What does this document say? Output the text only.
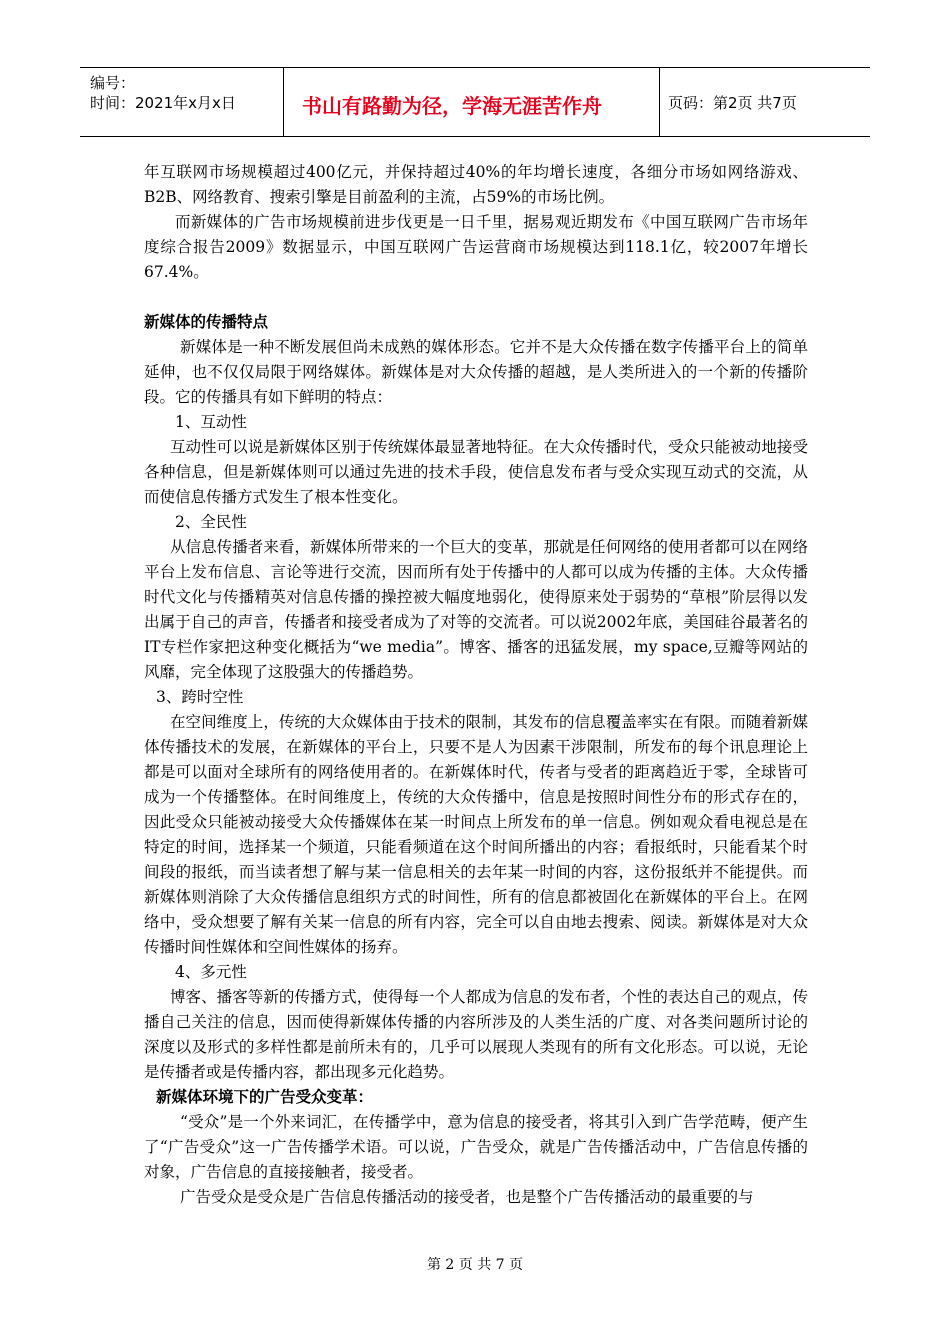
编号：
时间：2021年x月x日	书山有路勤为径，学海无涯苦作舟	页码：第2页 共7页

年互联网市场规模超过400亿元，并保持超过40%的年均增长速度，各细分市场如网络游戏、B2B、网络教育、搜索引擎是目前盈利的主流，占59%的市场比例。

而新媒体的广告市场规模前进步伐更是一日千里，据易观近期发布《中国互联网广告市场年度综合报告2009》数据显示，中国互联网广告运营商市场规模达到118.1亿，较2007年增长67.4%。

新媒体的传播特点

新媒体是一种不断发展但尚未成熟的媒体形态。它并不是大众传播在数字传播平台上的简单延伸，也不仅仅局限于网络媒体。新媒体是对大众传播的超越，是人类所进入的一个新的传播阶段。它的传播具有如下鲜明的特点：

1、互动性

互动性可以说是新媒体区别于传统媒体最显著地特征。在大众传播时代，受众只能被动地接受各种信息，但是新媒体则可以通过先进的技术手段，使信息发布者与受众实现互动式的交流，从而使信息传播方式发生了根本性变化。

2、全民性

从信息传播者来看，新媒体所带来的一个巨大的变革，那就是任何网络的使用者都可以在网络平台上发布信息、言论等进行交流，因而所有处于传播中的人都可以成为传播的主体。大众传播时代文化与传播精英对信息传播的操控被大幅度地弱化，使得原来处于弱势的“草根”阶层得以发出属于自己的声音，传播者和接受者成为了对等的交流者。可以说2002年底，美国硅谷最著名的IT专栏作家把这种变化概括为“we media”。博客、播客的迅猛发展，my space,豆瓣等网站的风靡，完全体现了这股强大的传播趋势。

3、跨时空性

在空间维度上，传统的大众媒体由于技术的限制，其发布的信息覆盖率实在有限。而随着新媒体传播技术的发展，在新媒体的平台上，只要不是人为因素干涉限制，所发布的每个讯息理论上都是可以面对全球所有的网络使用者的。在新媒体时代，传者与受者的距离趋近于零，全球皆可成为一个传播整体。在时间维度上，传统的大众传播中，信息是按照时间性分布的形式存在的，因此受众只能被动接受大众传播媒体在某一时间点上所发布的单一信息。例如观众看电视总是在特定的时间，选择某一个频道，只能看频道在这个时间所播出的内容；看报纸时，只能看某个时间段的报纸，而当读者想了解与某一信息相关的去年某一时间的内容，这份报纸并不能提供。而新媒体则消除了大众传播信息组织方式的时间性，所有的信息都被固化在新媒体的平台上。在网络中，受众想要了解有关某一信息的所有内容，完全可以自由地去搜索、阅读。新媒体是对大众传播时间性媒体和空间性媒体的扬弃。

4、多元性

博客、播客等新的传播方式，使得每一个人都成为信息的发布者，个性的表达自己的观点，传播自己关注的信息，因而使得新媒体传播的内容所涉及的人类生活的广度、对各类问题所讨论的深度以及形式的多样性都是前所未有的，几乎可以展现人类现有的所有文化形态。可以说，无论是传播者或是传播内容，都出现多元化趋势。

新媒体环境下的广告受众变革：

“受众”是一个外来词汇，在传播学中，意为信息的接受者，将其引入到广告学范畴，便产生了“广告受众”这一广告传播学术语。可以说，广告受众，就是广告传播活动中，广告信息传播的对象，广告信息的直接接触者，接受者。

广告受众是受众是广告信息传播活动的接受者，也是整个广告传播活动的最重要的与

第 2 页 共 7 页
